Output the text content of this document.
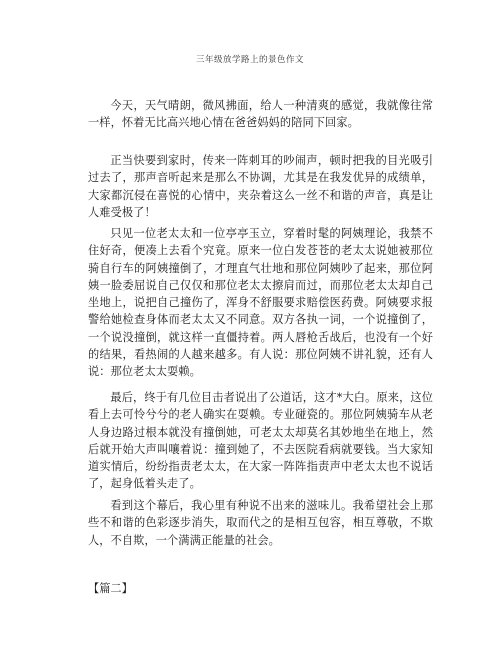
三年级放学路上的景色作文

今天，天气晴朗，微风拂面，给人一种清爽的感觉，我就像往常一样，怀着无比高兴地心情在爸爸妈妈的陪同下回家。

正当快要到家时，传来一阵刺耳的吵闹声，顿时把我的目光吸引过去了，那声音听起来是那么不协调，尤其是在我发优异的成绩单，大家都沉侵在喜悦的心情中，夹杂着这么一丝不和谐的声音，真是让人难受极了！

只见一位老太太和一位亭亭玉立，穿着时髦的阿姨理论，我禁不住好奇，便凑上去看个究竟。原来一位白发苍苍的老太太说她被那位骑自行车的阿姨撞倒了，才理直气壮地和那位阿姨吵了起来，那位阿姨一脸委屈说自己仅仅和那位老太太擦肩而过，而那位老太太却自己坐地上，说把自己撞伤了，浑身不舒服要求赔偿医药费。阿姨要求报警给她检查身体而老太太又不同意。双方各执一词，一个说撞倒了，一个说没撞倒，就这样一直僵持着。两人唇枪舌战后，也没有一个好的结果，看热闹的人越来越多。有人说：那位阿姨不讲礼貌，还有人说：那位老太太耍赖。

最后，终于有几位目击者说出了公道话，这才*大白。原来，这位看上去可怜兮兮的老人确实在耍赖。专业碰瓷的。那位阿姨骑车从老人身边路过根本就没有撞倒她，可老太太却莫名其妙地坐在地上，然后就开始大声叫嚷着说：撞到她了，不去医院看病就要钱。当大家知道实情后，纷纷指责老太太，在大家一阵阵指责声中老太太也不说话了，起身低着头走了。

看到这个幕后，我心里有种说不出来的滋味儿。我希望社会上那些不和谐的色彩逐步消失，取而代之的是相互包容，相互尊敬，不欺人，不自欺，一个满满正能量的社会。

【篇二】
